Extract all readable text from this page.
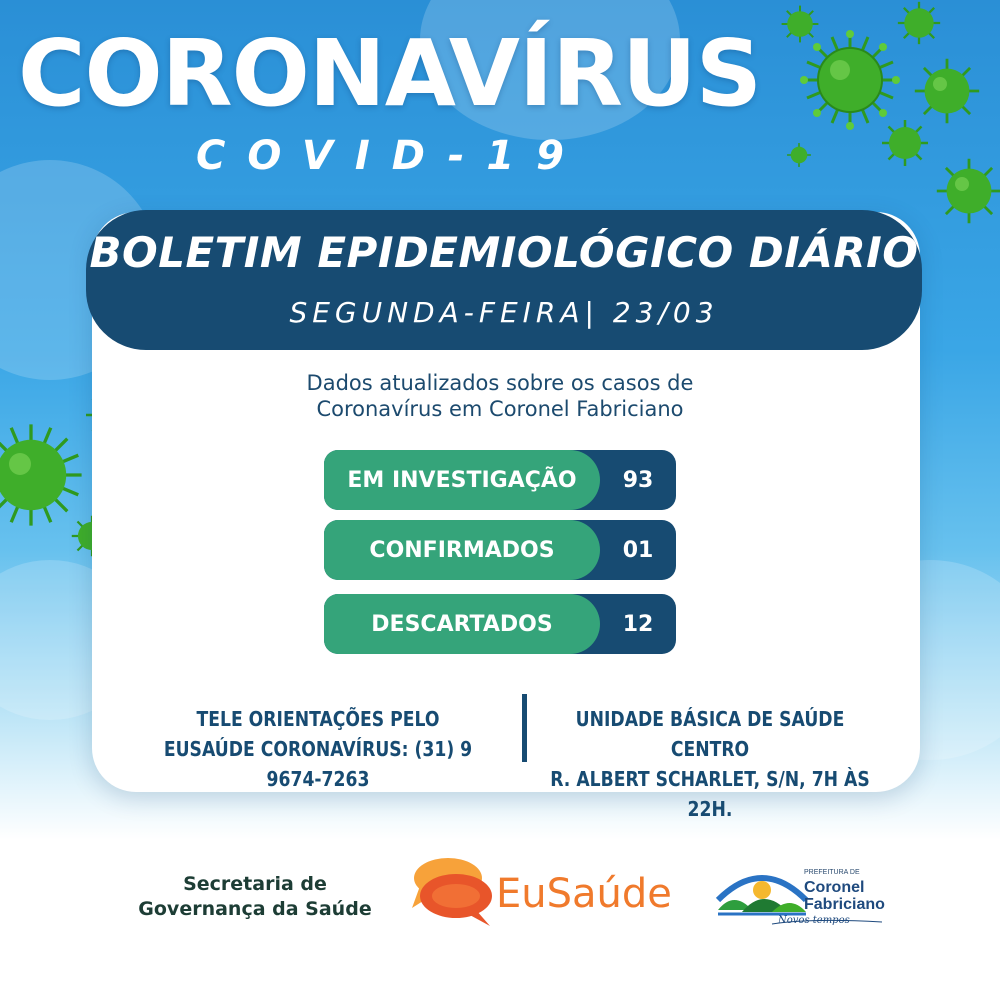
CORONAVÍRUS
COVID-19
BOLETIM EPIDEMIOLÓGICO DIÁRIO
SEGUNDA-FEIRA| 23/03
Dados atualizados sobre os casos de
Coronavírus em Coronel Fabriciano
EM INVESTIGAÇÃO	93
CONFIRMADOS	01
DESCARTADOS	12
TELE ORIENTAÇÕES PELO
EUSAÚDE CORONAVÍRUS: (31) 9 9674-7263
UNIDADE BÁSICA DE SAÚDE CENTRO
R. ALBERT SCHARLET, S/N, 7H ÀS 22H.
Secretaria de
Governança da Saúde	EuSaúde	PREFEITURA DE
Coronel
Fabriciano
Novos tempos
